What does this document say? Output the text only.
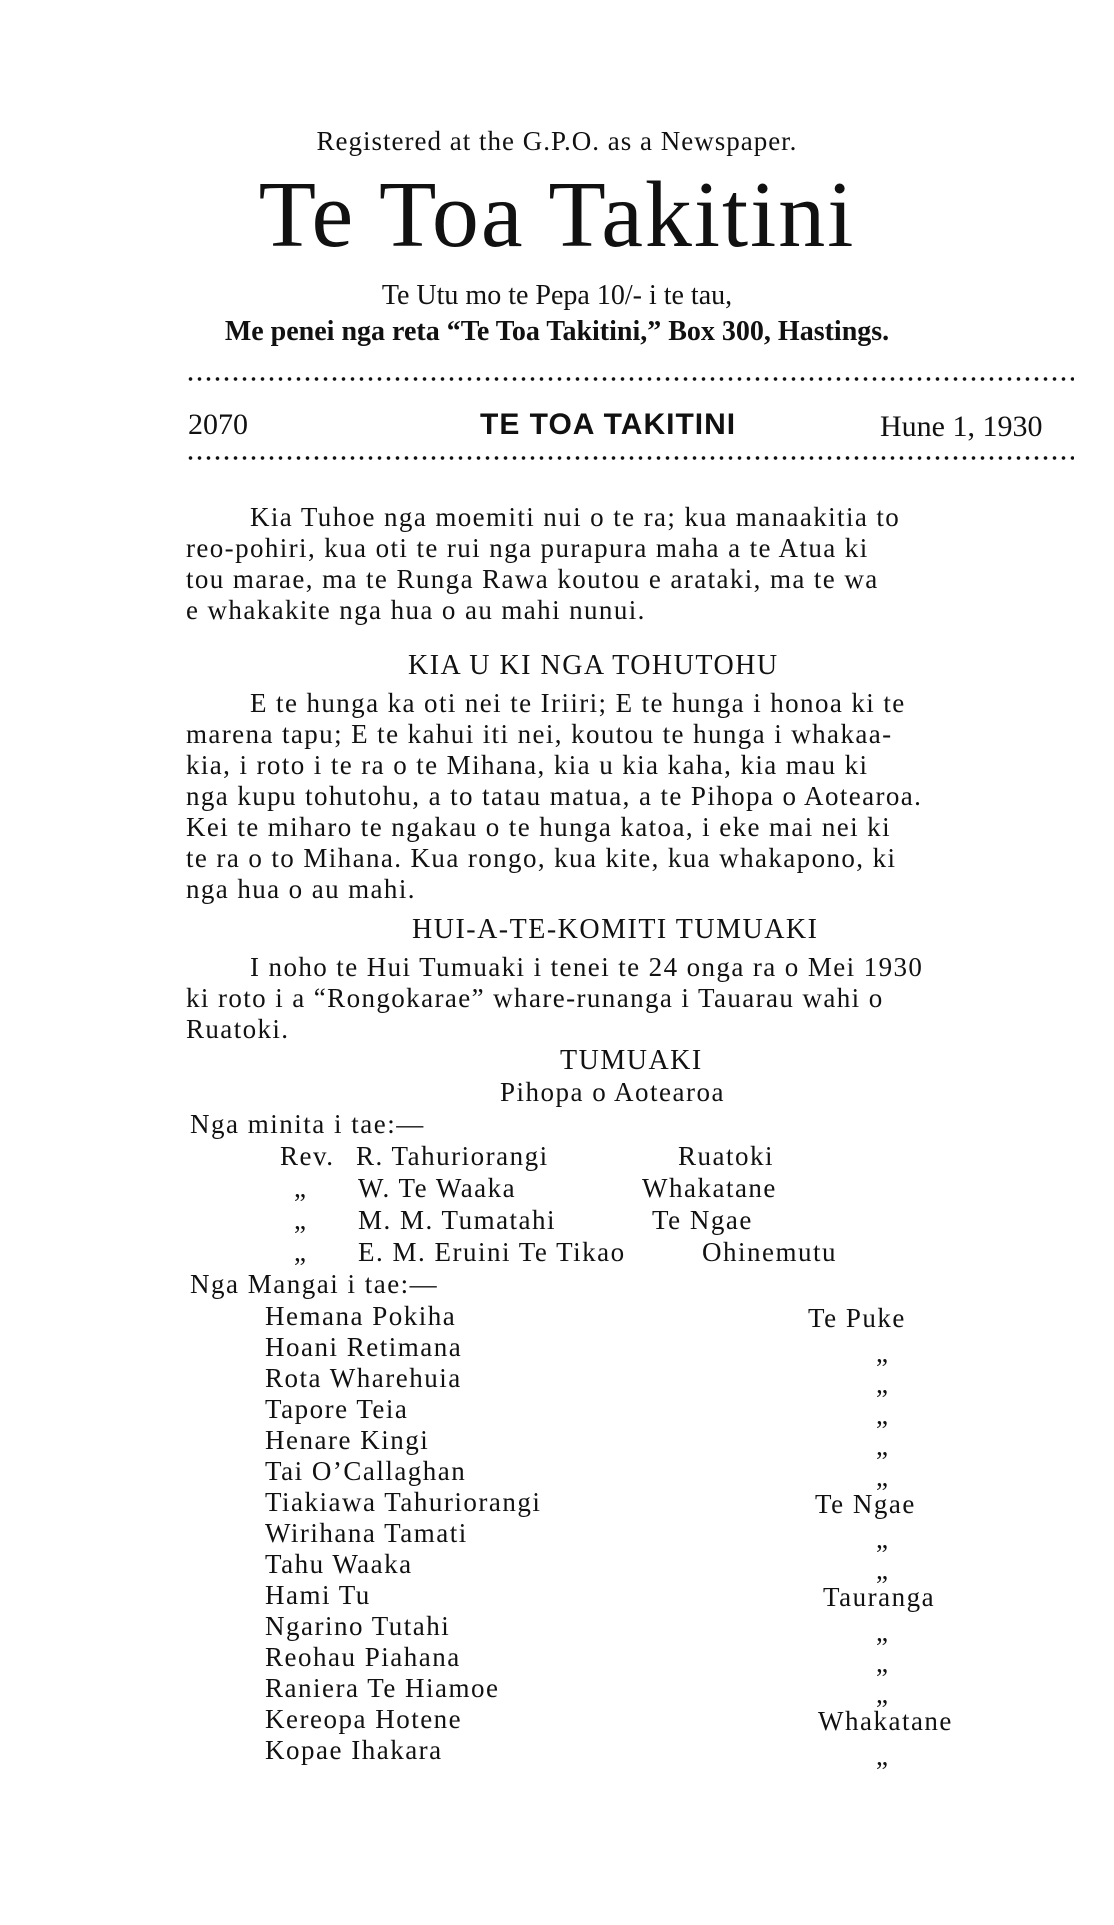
Registered at the G.P.O. as a Newspaper.
Te Toa Takitini
Te Utu mo te Pepa 10/- i te tau,
Me penei nga reta “Te Toa Takitini,” Box 300, Hastings.
2070	TE TOA TAKITINI	Hune 1, 1930
Kia Tuhoe nga moemiti nui o te ra; kua manaakitia to
reo-pohiri, kua oti te rui nga purapura maha a te Atua ki
tou marae, ma te Runga Rawa koutou e arataki, ma te wa
e whakakite nga hua o au mahi nunui.
KIA U KI NGA TOHUTOHU
E te hunga ka oti nei te Iriiri; E te hunga i honoa ki te
marena tapu; E te kahui iti nei, koutou te hunga i whakaa-
kia, i roto i te ra o te Mihana, kia u kia kaha, kia mau ki
nga kupu tohutohu, a to tatau matua, a te Pihopa o Aotearoa.
Kei te miharo te ngakau o te hunga katoa, i eke mai nei ki
te ra o to Mihana. Kua rongo, kua kite, kua whakapono, ki
nga hua o au mahi.
HUI-A-TE-KOMITI TUMUAKI
I noho te Hui Tumuaki i tenei te 24 onga ra o Mei 1930
ki roto i a “Rongokarae” whare-runanga i Tauarau wahi o
Ruatoki.
TUMUAKI
Pihopa o Aotearoa
Nga minita i tae:—
Rev. R. Tahuriorangi	Ruatoki
„ W. Te Waaka	Whakatane
„ M. M. Tumatahi	Te Ngae
„ E. M. Eruini Te Tikao	Ohinemutu
Nga Mangai i tae:—
Hemana Pokiha	Te Puke
Hoani Retimana	„
Rota Wharehuia	„
Tapore Teia	„
Henare Kingi	„
Tai O’Callaghan	„
Tiakiawa Tahuriorangi	Te Ngae
Wirihana Tamati	„
Tahu Waaka	„
Hami Tu	Tauranga
Ngarino Tutahi	„
Reohau Piahana	„
Raniera Te Hiamoe	„
Kereopa Hotene	Whakatane
Kopae Ihakara	„
